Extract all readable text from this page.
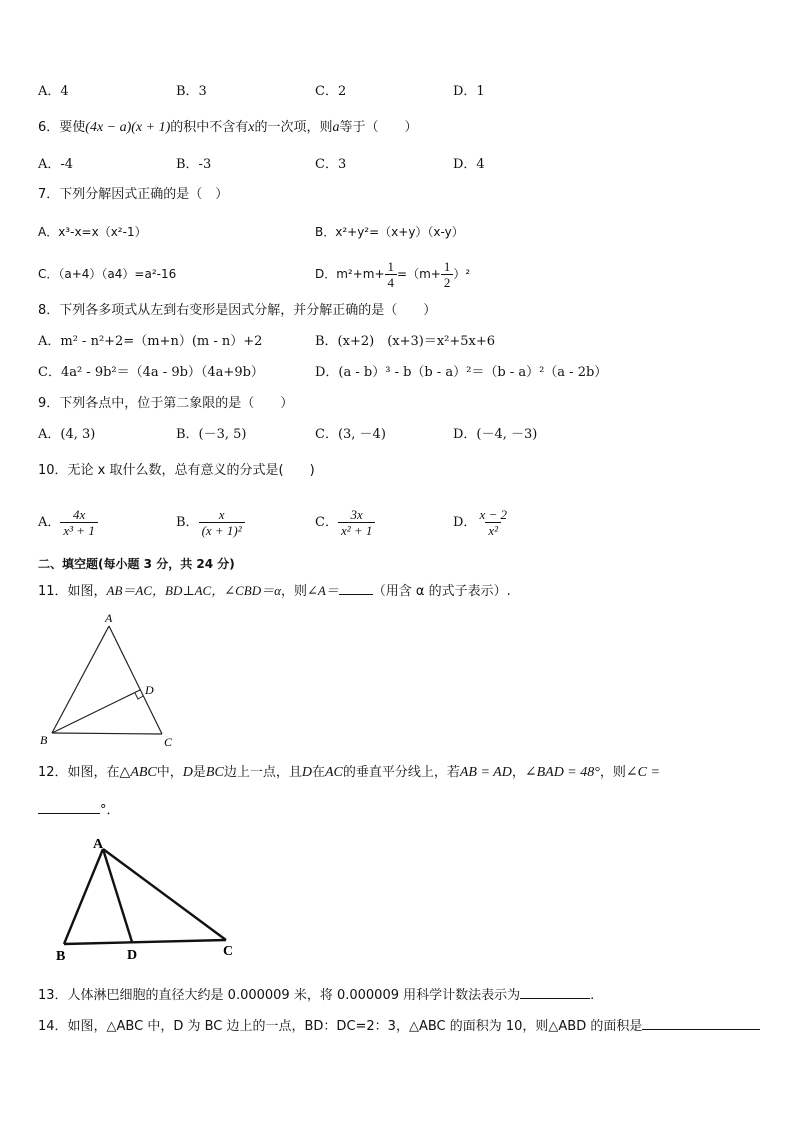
A．4	B．3	C．2	D．1
6．要使(4x − a)(x + 1)的积中不含有x的一次项，则a等于（　　）
A．-4	B．-3	C．3	D．4
7．下列分解因式正确的是（　）
A．x³-x=x（x²-1）	B．x²+y²=（x+y）（x-y）
C．（a+4）（a4）=a²-16	D．$m^2+m+ \frac{1}{4} =(m+ \frac{1}{2} )^2$
8．下列各多项式从左到右变形是因式分解，并分解正确的是（　　）
A．m² - n²+2=（m+n）(m - n）+2	B．(x+2)　(x+3)＝x²+5x+6
C．4a² - 9b²＝（4a - 9b）（4a+9b）	D．(a - b）³ - b（b - a）²＝（b - a）²（a - 2b）
9．下列各点中，位于第二象限的是（　　）
A．(4, 3)	B．(－3, 5)	C．(3, －4)	D．(－4, －3)
10．无论 x 取什么数，总有意义的分式是(　　)
A． $\frac{4x}{\text{x³ + 1}}$	B． $\frac{x}{\text{(x + 1)²}}$	C． $\frac{3x}{\text{x² + 1}}$	D． $\frac{x - 2}{\text{x²}}$
二、填空题(每小题 3 分，共 24 分)
11．如图，AB＝AC，BD⊥AC，∠CBD＝α，则∠A＝	（用含 α 的式子表示）.
A
B	C
D
12．如图，在△ABC中，D是BC边上一点，且D在AC的垂直平分线上，若AB = AD，∠BAD = 48°，则∠C =
°．
A
B	D	C
13．人体淋巴细胞的直径大约是 0.000009 米，将 0.000009 用科学计数法表示为	.
14．如图，△ABC 中，D 为 BC 边上的一点，BD：DC=2：3，△ABC 的面积为 10，则△ABD 的面积是
